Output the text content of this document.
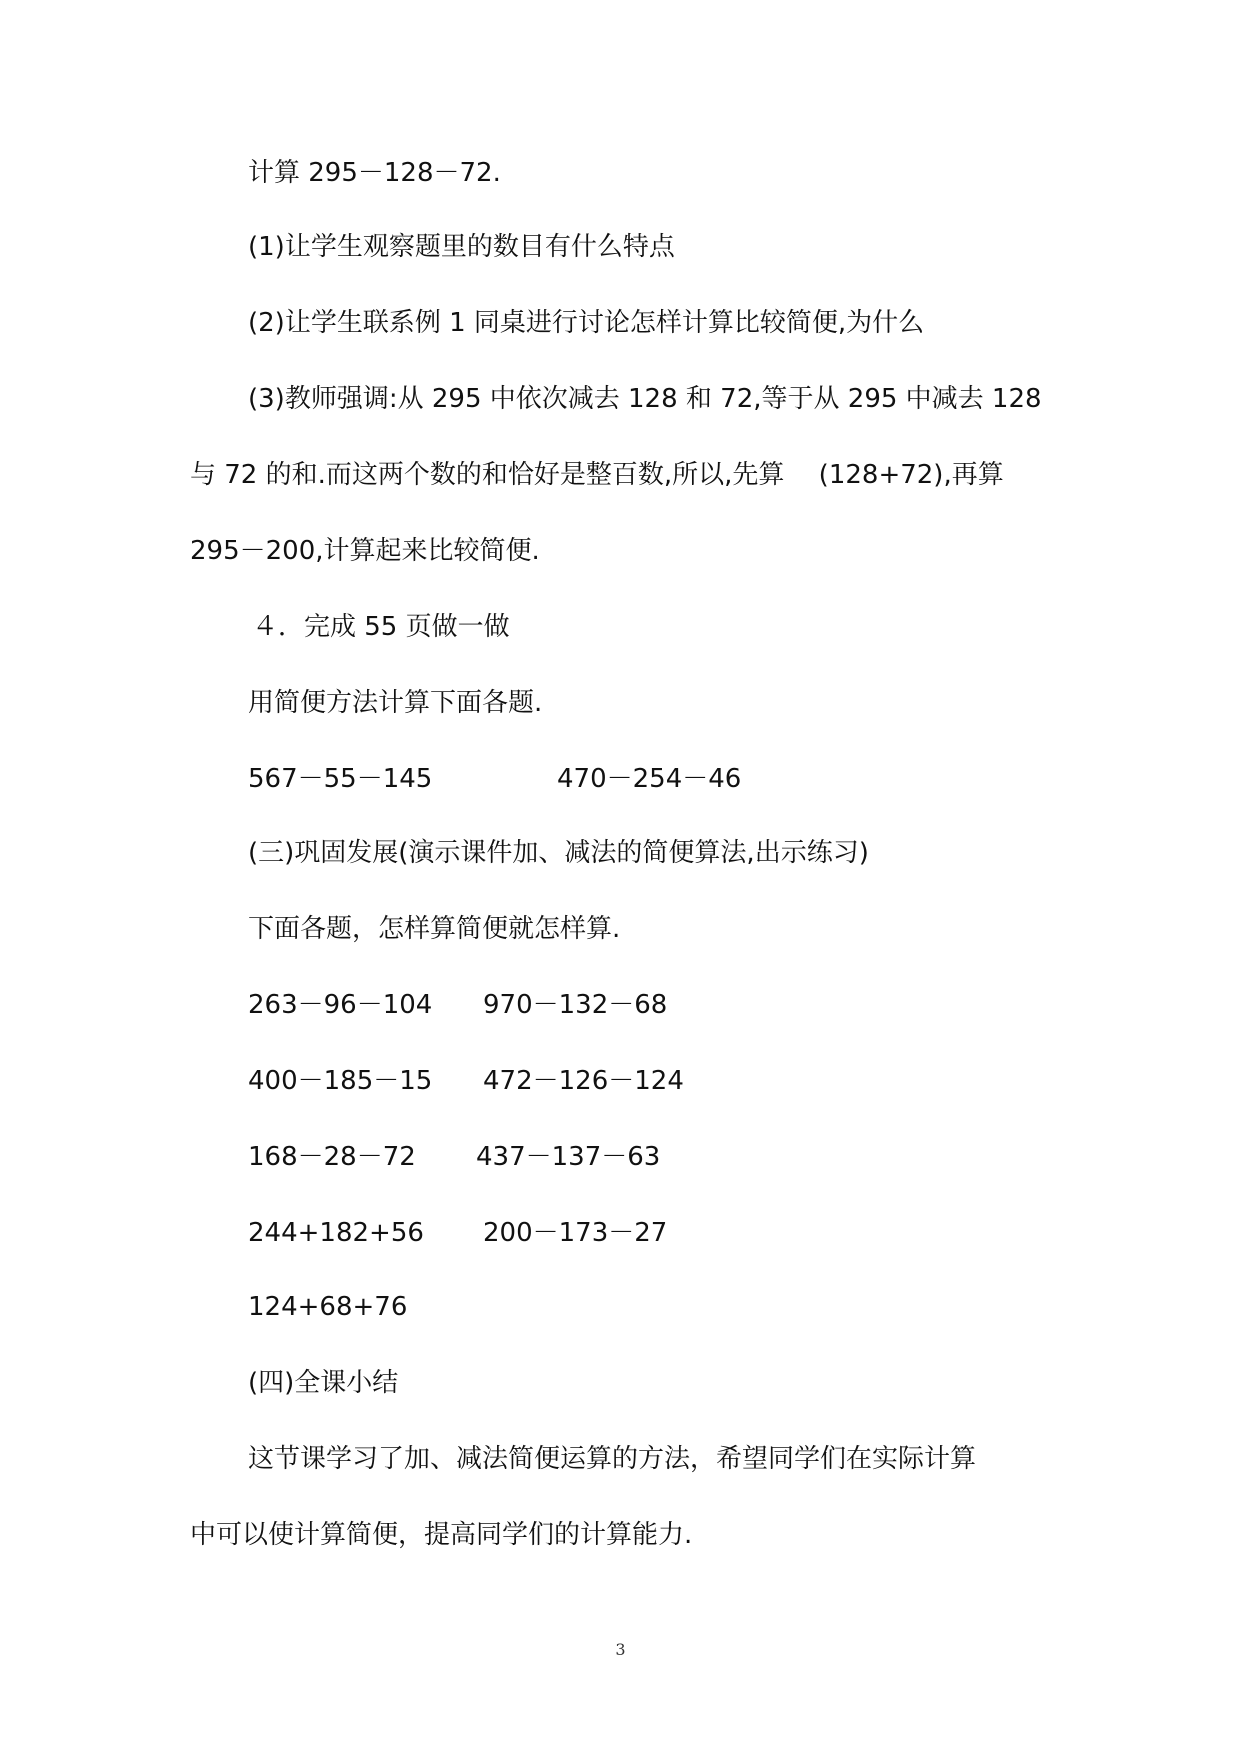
计算 295－128－72.
(1)让学生观察题里的数目有什么特点
(2)让学生联系例 1 同桌进行讨论怎样计算比较简便,为什么
(3)教师强调:从 295 中依次减去 128 和 72,等于从 295 中减去 128
与 72 的和.而这两个数的和恰好是整百数,所以,先算　 (128+72),再算
295－200,计算起来比较简便.
４．完成 55 页做一做
用简便方法计算下面各题.
567－55－145	470－254－46
(三)巩固发展(演示课件加、减法的简便算法,出示练习)
下面各题，怎样算简便就怎样算.
263－96－104 970－132－68
400－185－15 472－126－124
168－28－72 437－137－63
244+182+56 200－173－27
124+68+76
(四)全课小结
这节课学习了加、减法简便运算的方法，希望同学们在实际计算
中可以使计算简便，提高同学们的计算能力.
3
